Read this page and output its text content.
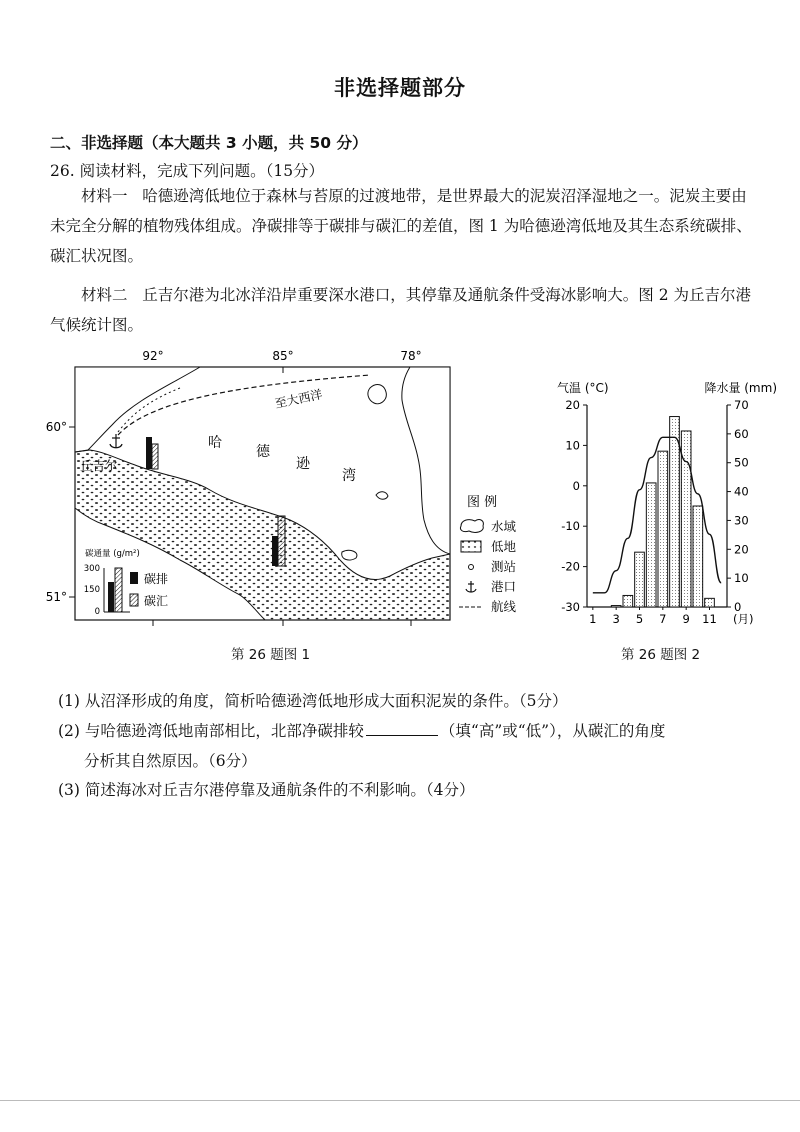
非选择题部分
二、非选择题（本大题共 3 小题，共 50 分）
26. 阅读材料，完成下列问题。（15分）
材料一 哈德逊湾低地位于森林与苔原的过渡地带，是世界最大的泥炭沼泽湿地之一。泥炭主要由未完全分解的植物残体组成。净碳排等于碳排与碳汇的差值，图 1 为哈德逊湾低地及其生态系统碳排、碳汇状况图。
材料二 丘吉尔港为北冰洋沿岸重要深水港口，其停靠及通航条件受海冰影响大。图 2 为丘吉尔港气候统计图。
92°	85°	78°
60°
51°
至大西洋
丘吉尔
哈
德
逊
湾
碳通量 (g/m²)
300
150
0
碳排
碳汇
图 例
水域
低地
测站
港口
航线
气温 (°C)	降水量 (mm)
20
10
0
-10
-20
-30
70
60
50
40
30
20
10
0
1 3 5 7 9 11 (月)
第 26 题图 1	第 26 题图 2
(1) 从沼泽形成的角度，简析哈德逊湾低地形成大面积泥炭的条件。（5分）
(2) 与哈德逊湾低地南部相比，北部净碳排较	（填“高”或“低”），从碳汇的角度
分析其自然原因。（6分）
(3) 简述海冰对丘吉尔港停靠及通航条件的不利影响。（4分）
